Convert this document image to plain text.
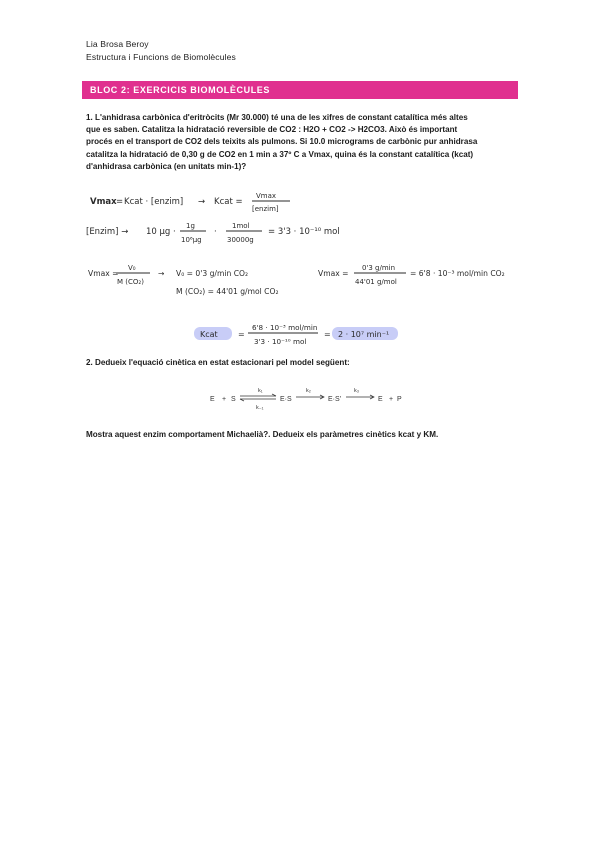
Lia Brosa Beroy
Estructura i Funcions de Biomolècules
BLOC 2: EXERCICIS BIOMOLÈCULES
1. L'anhidrasa carbònica d'eritròcits (Mr 30.000) té una de les xifres de constant catalítica més altes
que es saben. Catalitza la hidratació reversible de CO2 : H2O + CO2 -> H2CO3. Això és important
procés en el transport de CO2 dels teixits als pulmons. Si 10.0 micrograms de carbònic pur anhidrasa
catalitza la hidratació de 0,30 g de CO2 en 1 min a 37º C a Vmax, quina és la constant catalítica (kcat)
d'anhidrasa carbònica (en unitats min-1)?
Vmax = Kcat · [enzim] → Kcat =
Vmax
[enzim]
[Enzim] → 10 µg ·
1g
10⁶µg
·
1mol
30000g
= 3'3 · 10⁻¹⁰ mol
Vmax =
V₀
M (CO₂)
→ V₀ = 0'3 g/min CO₂
M (CO₂) = 44'01 g/mol CO₂
Vmax =
0'3 g/min
44'01 g/mol
= 6'8 · 10⁻³ mol/min CO₂
Kcat	=
6'8 · 10⁻³ mol/min
3'3 · 10⁻¹⁰ mol
= 2 · 10⁷ min⁻¹
2. Dedueix l'equació cinètica en estat estacionari pel model següent:
E + S
k₁
k₋₁
E·S
k₂
E·S'
k₃
E + P
Mostra aquest enzim comportament Michaelià?. Dedueix els paràmetres cinètics kcat y KM.
